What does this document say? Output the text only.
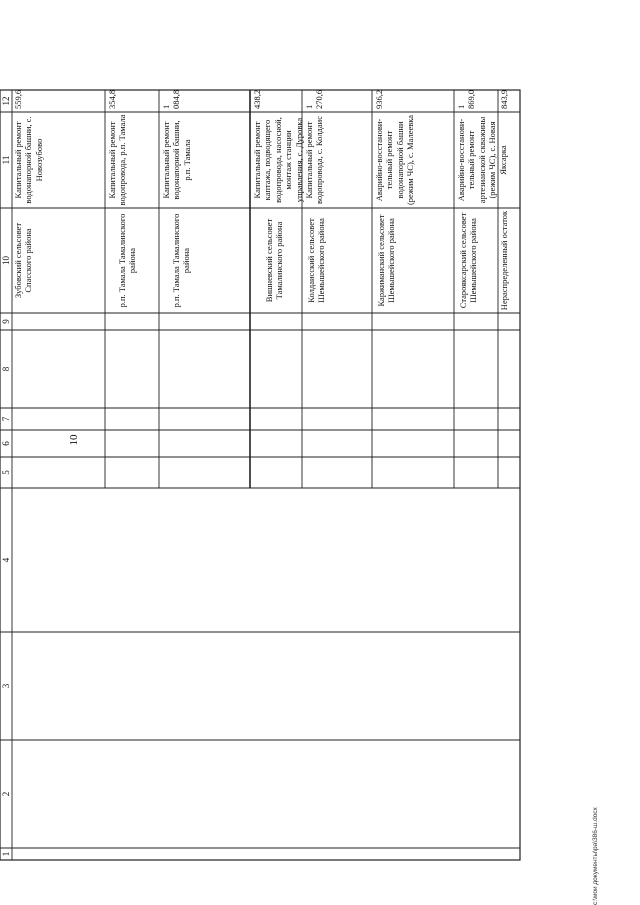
10
1
2
3
4
5
6
7
8
9
10
11
12
Зубовский сельсовет Спасского района
Капитальный ремонт водонапорной башни, с. Новозубово
559,6
р.п. Тамала Тамалинского района
Капитальный ремонт водопровода, р.п. Тамала
354,8
р.п. Тамала Тамалинского района
Капитальный ремонт водонапорной башни, р.п. Тамала
1 084,8
Вишневский сельсовет Тамалинского района
Капитальный ремонт каптажа, подводящего водопровода, насосной, монтаж станции управления, с. Дуровка
438,2
Колдаисский сельсовет Шемышейского района
Капитальный ремонт водопровода, с. Колдаис
1 270,6
Каржиманский сельсовет Шемышейского района
Аварийно-восстанови-тельный ремонт водонапорной башни (режим ЧС), с. Малеевка
936,2
Старояксарский сельсовет Шемышейского района
Аварийно-восстанови-тельный ремонт артезианской скважины (режим ЧС), с. Новая Яксарка
1 869,0
Нераспределенный остаток
843,9
c:\мои документы\ра\386-ш.docx
